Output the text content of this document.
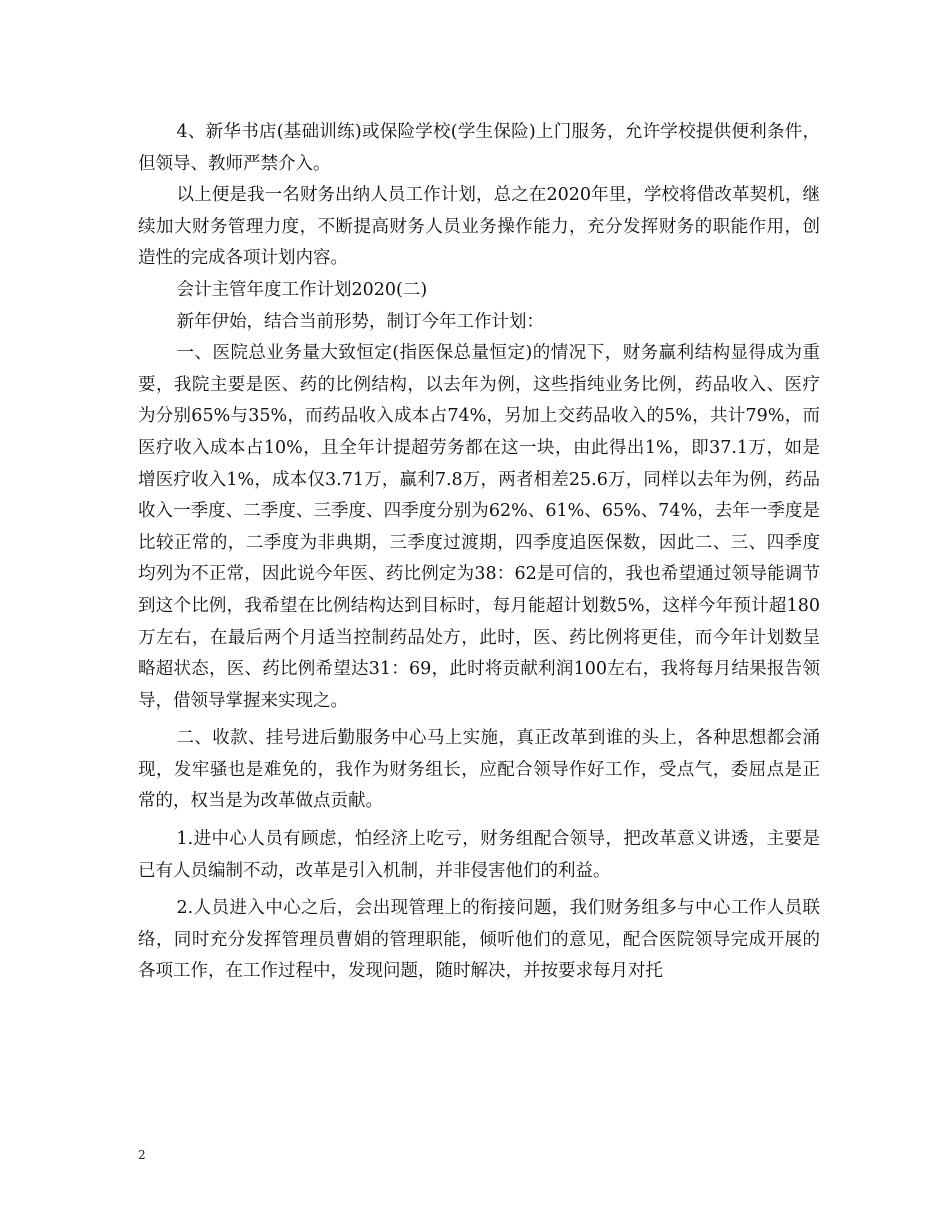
4、新华书店(基础训练)或保险学校(学生保险)上门服务，允许学校提供便利条件，但领导、教师严禁介入。

以上便是我一名财务出纳人员工作计划，总之在2020年里，学校将借改革契机，继续加大财务管理力度，不断提高财务人员业务操作能力，充分发挥财务的职能作用，创造性的完成各项计划内容。

会计主管年度工作计划2020(二)

新年伊始，结合当前形势，制订今年工作计划：

一、医院总业务量大致恒定(指医保总量恒定)的情况下，财务赢利结构显得成为重要，我院主要是医、药的比例结构，以去年为例，这些指纯业务比例，药品收入、医疗为分别65%与35%，而药品收入成本占74%，另加上交药品收入的5%，共计79%，而医疗收入成本占10%，且全年计提超劳务都在这一块，由此得出1%，即37.1万，如是增医疗收入1%，成本仅3.71万，赢利7.8万，两者相差25.6万，同样以去年为例，药品收入一季度、二季度、三季度、四季度分别为62%、61%、65%、74%，去年一季度是比较正常的，二季度为非典期，三季度过渡期，四季度追医保数，因此二、三、四季度均列为不正常，因此说今年医、药比例定为38：62是可信的，我也希望通过领导能调节到这个比例，我希望在比例结构达到目标时，每月能超计划数5%，这样今年预计超180万左右，在最后两个月适当控制药品处方，此时，医、药比例将更佳，而今年计划数呈略超状态，医、药比例希望达31：69，此时将贡献利润100左右，我将每月结果报告领导，借领导掌握来实现之。

二、收款、挂号进后勤服务中心马上实施，真正改革到谁的头上，各种思想都会涌现，发牢骚也是难免的，我作为财务组长，应配合领导作好工作，受点气，委屈点是正常的，权当是为改革做点贡献。

1.进中心人员有顾虑，怕经济上吃亏，财务组配合领导，把改革意义讲透，主要是已有人员编制不动，改革是引入机制，并非侵害他们的利益。

2.人员进入中心之后，会出现管理上的衔接问题，我们财务组多与中心工作人员联络，同时充分发挥管理员曹娟的管理职能，倾听他们的意见，配合医院领导完成开展的各项工作，在工作过程中，发现问题，随时解决，并按要求每月对托

2
